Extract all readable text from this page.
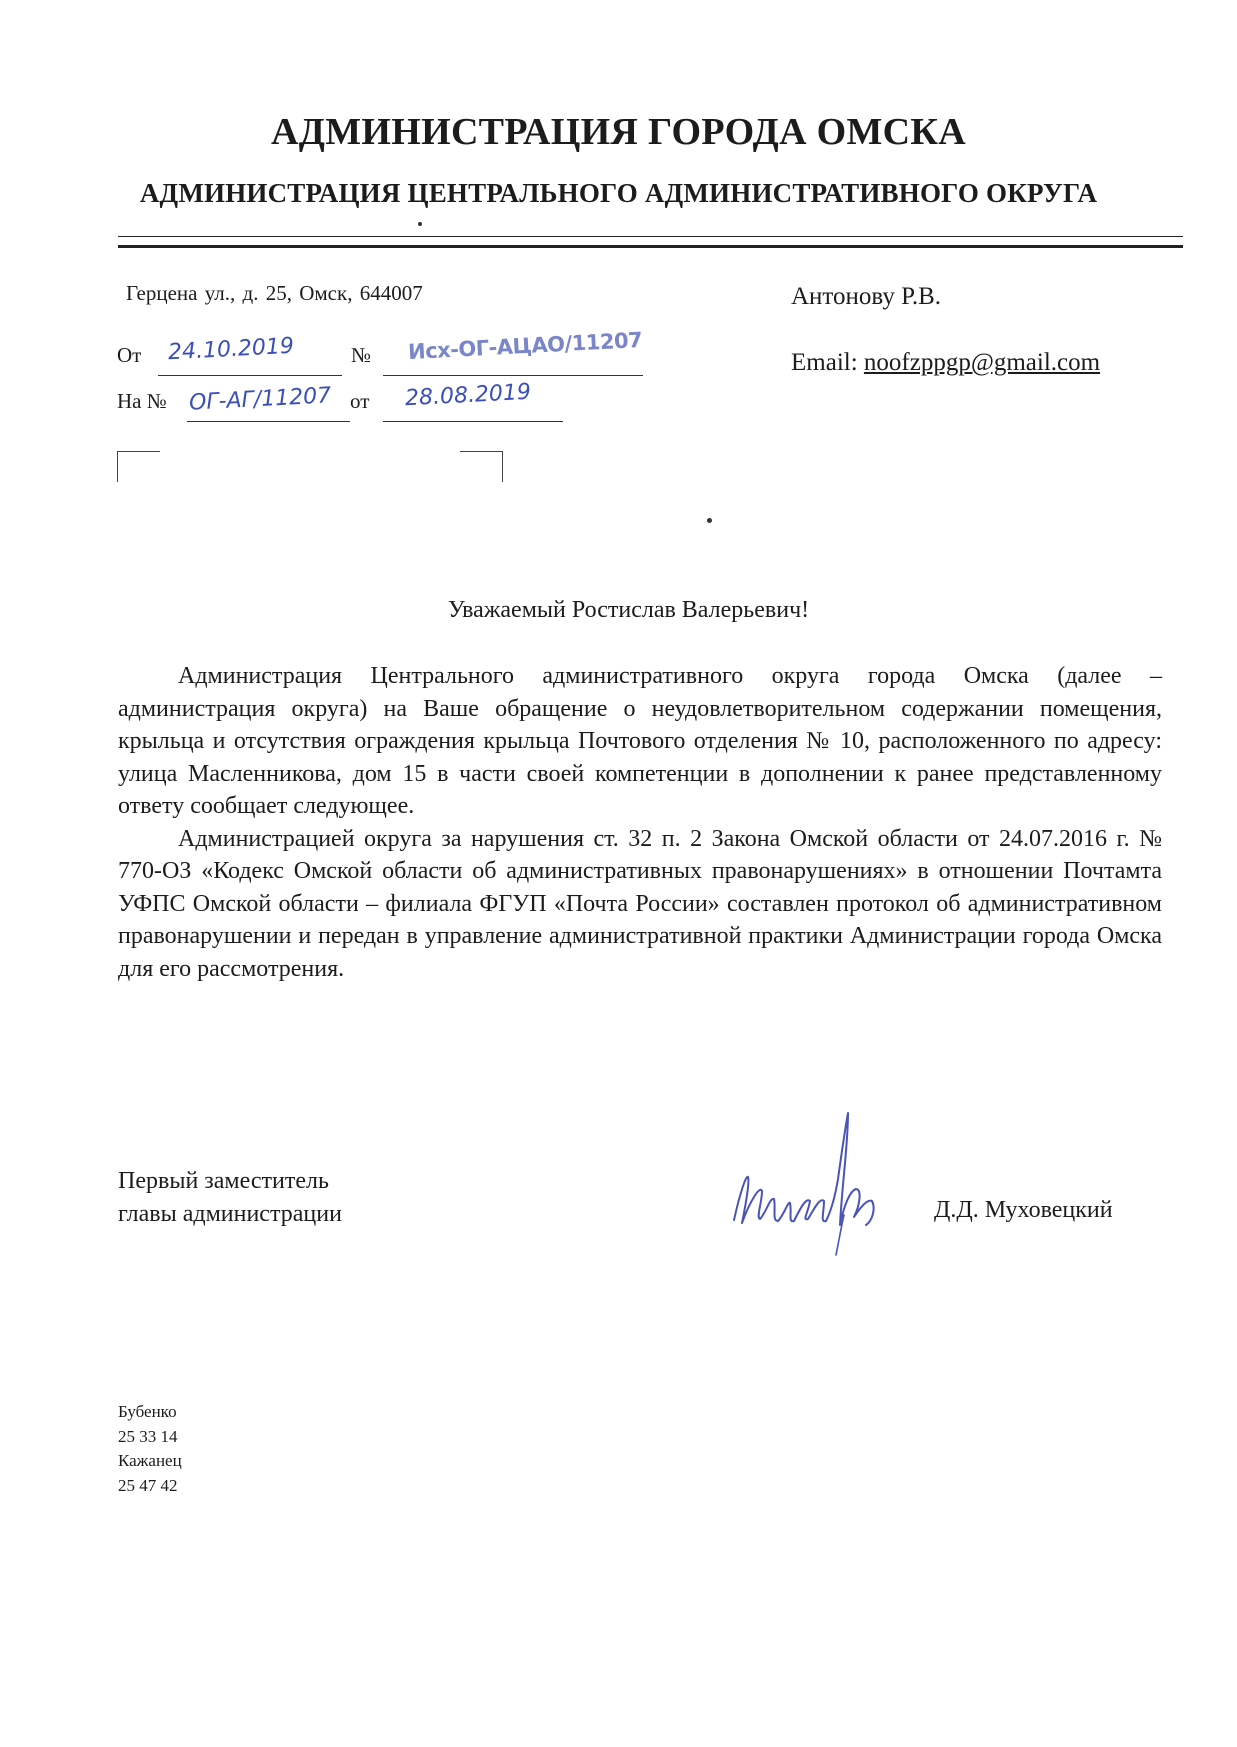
АДМИНИСТРАЦИЯ ГОРОДА ОМСКА
АДМИНИСТРАЦИЯ ЦЕНТРАЛЬНОГО АДМИНИСТРАТИВНОГО ОКРУГА
Герцена ул., д. 25, Омск, 644007
От 24.10.2019	№ Исх-ОГ-АЦАО/11207
На № ОГ-АГ/11207 от 28.08.2019
Антонову Р.В.
Email: noofzppgp@gmail.com
Уважаемый Ростислав Валерьевич!

Администрация Центрального административного округа города Омска (далее – администрация округа) на Ваше обращение о неудовлетворительном содержании помещения, крыльца и отсутствия ограждения крыльца Почтового отделения № 10, расположенного по адресу: улица Масленникова, дом 15 в части своей компетенции в дополнении к ранее представленному ответу сообщает следующее.

Администрацией округа за нарушения ст. 32 п. 2 Закона Омской области от 24.07.2016 г. № 770-ОЗ «Кодекс Омской области об административных правонарушениях» в отношении Почтамта УФПС Омской области – филиала ФГУП «Почта России» составлен протокол об административном правонарушении и передан в управление административной практики Администрации города Омска для его рассмотрения.

Первый заместитель
главы администрации	Д.Д. Муховецкий
Бубенко
25 33 14
Кажанец
25 47 42
